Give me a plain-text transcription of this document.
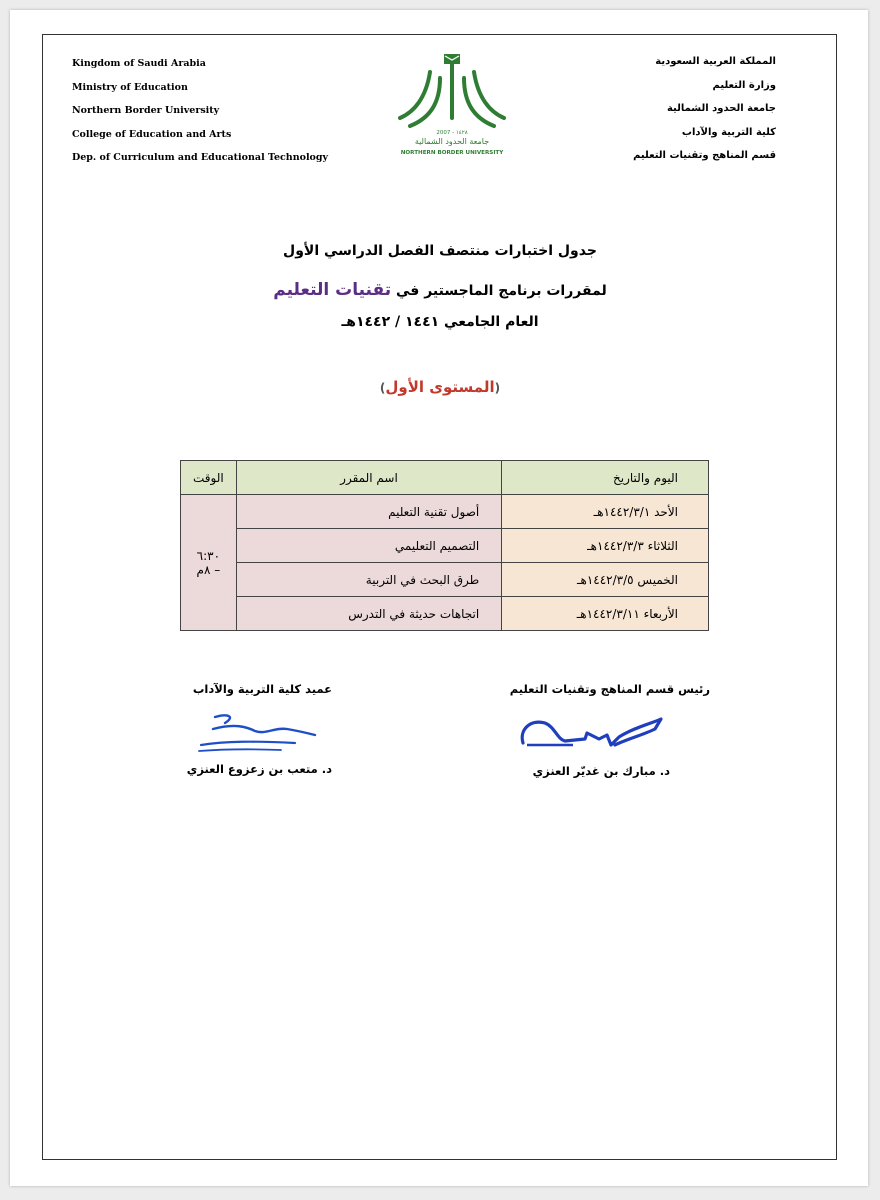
Kingdom of Saudi Arabia
Ministry of Education
Northern Border University
College of Education and Arts
Dep. of Curriculum and Educational Technology
المملكة العربية السعودية
وزارة التعليم
جامعة الحدود الشمالية
كلية التربية والآداب
قسم المناهج وتقنيات التعليم
2007 - ١٤٢٨
جامعة الحدود الشمالية
NORTHERN BORDER UNIVERSITY
جدول اختبارات منتصف الفصل الدراسي الأول
لمقررات برنامج الماجستير في تقنيات التعليم
العام الجامعي ١٤٤١ / ١٤٤٢هـ
(المستوى الأول)
اليوم والتاريخ	اسم المقرر	الوقت
الأحد ١٤٤٢/٣/١هـ	أصول تقنية التعليم	٦:٣٠ – ٨م
الثلاثاء ١٤٤٢/٣/٣هـ	التصميم التعليمي	
الخميس ١٤٤٢/٣/٥هـ	طرق البحث في التربية	
الأربعاء ١٤٤٢/٣/١١هـ	اتجاهات حديثة في التدرس	
رئيس قسم المناهج وتقنيات التعليم
د. مبارك بن غديّر العنزي
عميد كلية التربية والآداب
د. متعب بن زعزوع العنزي
